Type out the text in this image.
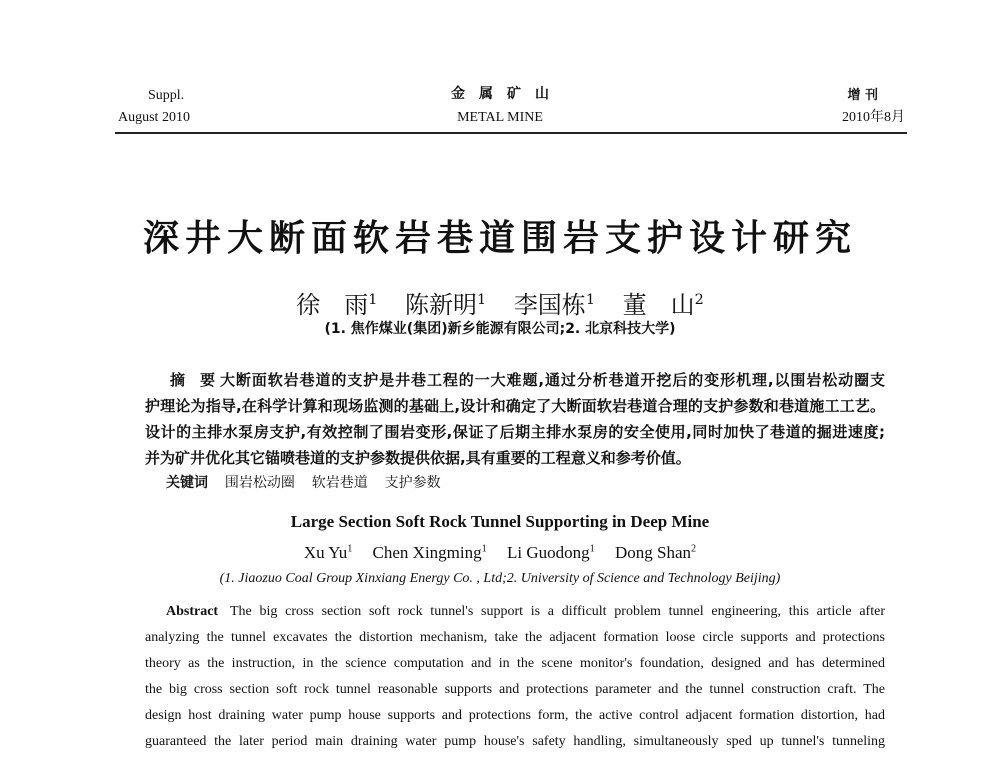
Suppl.
August 2010
金　属　矿　山
METAL MINE
增 刊
2010年8月
深井大断面软岩巷道围岩支护设计研究
徐　雨$^1$ 陈新明$^1$ 李国栋$^1$ 董　山$^2$
(1. 焦作煤业(集团)新乡能源有限公司;2. 北京科技大学)
摘　要 大断面软岩巷道的支护是井巷工程的一大难题,通过分析巷道开挖后的变形机理,以围岩松动圈支
护理论为指导,在科学计算和现场监测的基础上,设计和确定了大断面软岩巷道合理的支护参数和巷道施工工艺。
设计的主排水泵房支护,有效控制了围岩变形,保证了后期主排水泵房的安全使用,同时加快了巷道的掘进速度;
并为矿井优化其它锚喷巷道的支护参数提供依据,具有重要的工程意义和参考价值。
关键词 围岩松动圈 软岩巷道 支护参数
Large Section Soft Rock Tunnel Supporting in Deep Mine
Xu Yu$^1$ Chen Xingming$^1$ Li Guodong$^1$ Dong Shan$^2$
(1. Jiaozuo Coal Group Xinxiang Energy Co. , Ltd;2. University of Science and Technology Beijing)
Abstract The big cross section soft rock tunnel's support is a difficult problem tunnel engineering, this article after
analyzing the tunnel excavates the distortion mechanism, take the adjacent formation loose circle supports and protections
theory as the instruction, in the science computation and in the scene monitor's foundation, designed and has determined
the big cross section soft rock tunnel reasonable supports and protections parameter and the tunnel construction craft. The
design host draining water pump house supports and protections form, the active control adjacent formation distortion, had
guaranteed the later period main draining water pump house's safety handling, simultaneously sped up tunnel's tunneling
